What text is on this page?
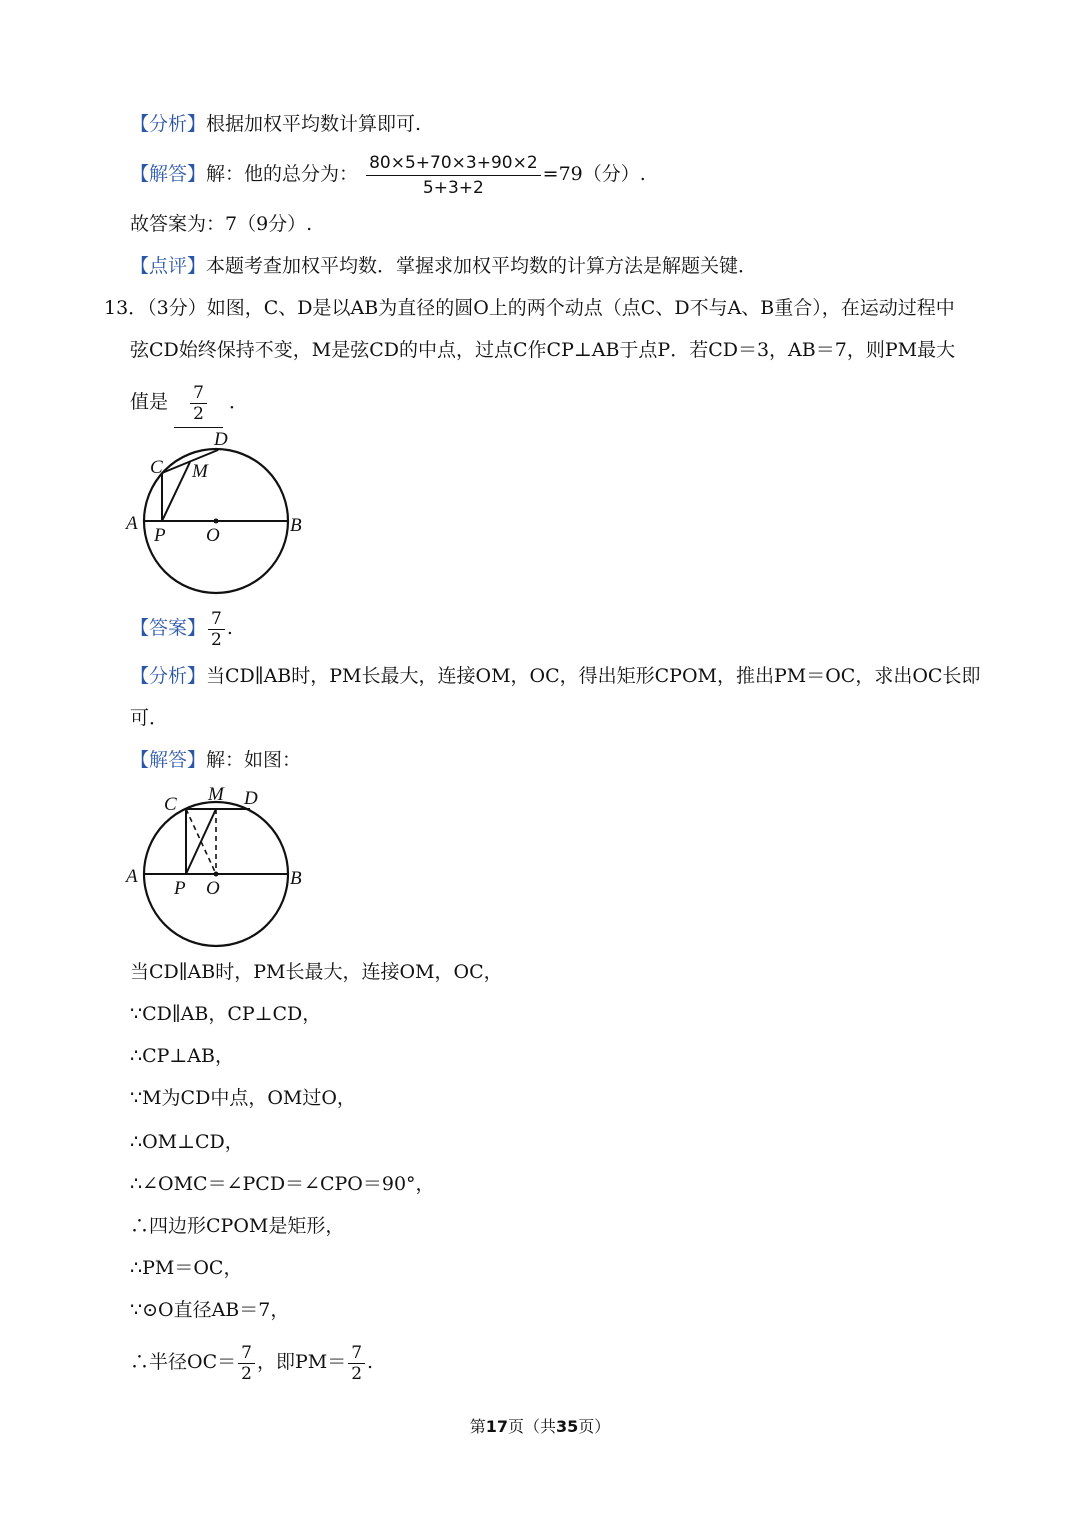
【分析】根据加权平均数计算即可.
【解答】解：他的总分为： $\frac{80\times 5+70\times 3+90\times 2}{5+3+2} =79$（分）.
故答案为：7（9分）.
【点评】本题考查加权平均数．掌握求加权平均数的计算方法是解题关键．
13．（3分）如图，C、D是以AB为直径的圆O上的两个动点（点C、D不与A、B重合），在运动过程中
弦CD始终保持不变，M是弦CD的中点，过点C作CP⊥AB于点P．若CD＝3，AB＝7，则PM最大
值是 $\frac{7}{2}$ ．
A	B
C
D
M
P O
【答案】 $\frac{7}{2}$ .
【分析】当CD∥AB时，PM长最大，连接OM，OC，得出矩形CPOM，推出PM＝OC，求出OC长即
可．
【解答】解：如图：
A	B
C	D
M
P O
当CD∥AB时，PM长最大，连接OM，OC，
∵CD∥AB，CP⊥CD，
∴CP⊥AB，
∵M为CD中点，OM过O，
∴OM⊥CD，
∴∠OMC＝∠PCD＝∠CPO＝90°，
∴四边形CPOM是矩形，
∴PM＝OC，
∵⊙O直径AB＝7，
∴半径$OC= \frac{7}{2}$ ，即$PM= \frac{7}{2}$ .
第17页（共35页）
